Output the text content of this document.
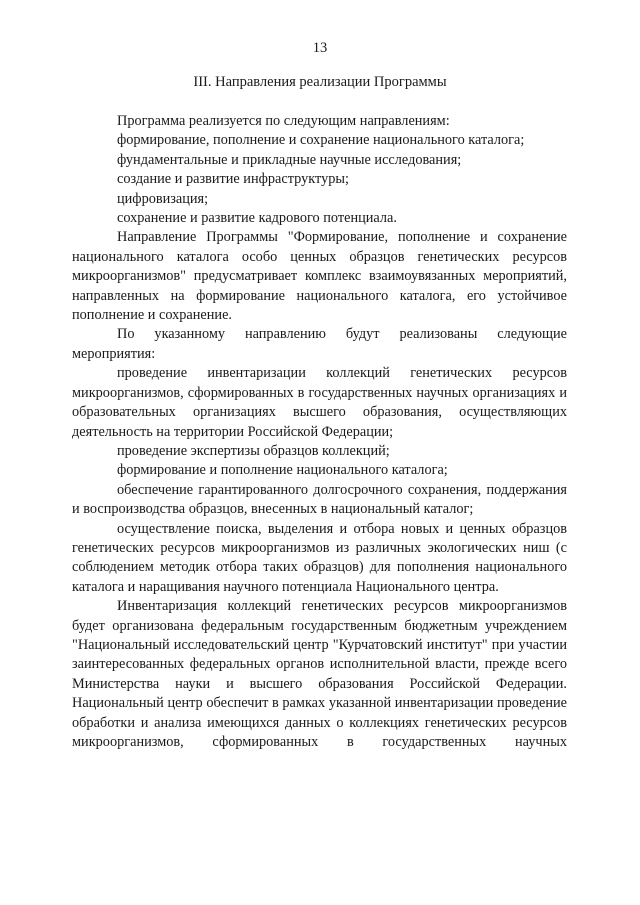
13
III. Направления реализации Программы

Программа реализуется по следующим направлениям:

формирование, пополнение и сохранение национального каталога;

фундаментальные и прикладные научные исследования;

создание и развитие инфраструктуры;

цифровизация;

сохранение и развитие кадрового потенциала.

Направление Программы "Формирование, пополнение и сохранение национального каталога особо ценных образцов генетических ресурсов микроорганизмов" предусматривает комплекс взаимоувязанных мероприятий, направленных на формирование национального каталога, его устойчивое пополнение и сохранение.

По указанному направлению будут реализованы следующие мероприятия:

проведение инвентаризации коллекций генетических ресурсов микроорганизмов, сформированных в государственных научных организациях и образовательных организациях высшего образования, осуществляющих деятельность на территории Российской Федерации;

проведение экспертизы образцов коллекций;

формирование и пополнение национального каталога;

обеспечение гарантированного долгосрочного сохранения, поддержания и воспроизводства образцов, внесенных в национальный каталог;

осуществление поиска, выделения и отбора новых и ценных образцов генетических ресурсов микроорганизмов из различных экологических ниш (с соблюдением методик отбора таких образцов) для пополнения национального каталога и наращивания научного потенциала Национального центра.

Инвентаризация коллекций генетических ресурсов микроорганизмов будет организована федеральным государственным бюджетным учреждением "Национальный исследовательский центр "Курчатовский институт" при участии заинтересованных федеральных органов исполнительной власти, прежде всего Министерства науки и высшего образования Российской Федерации. Национальный центр обеспечит в рамках указанной инвентаризации проведение обработки и анализа имеющихся данных о коллекциях генетических ресурсов микроорганизмов, сформированных в государственных научных
